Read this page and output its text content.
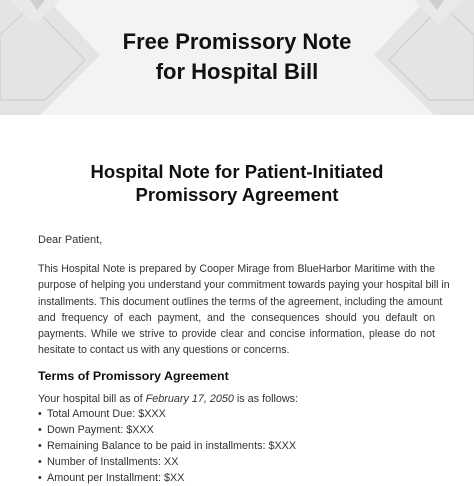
Free Promissory Note
for Hospital Bill
Hospital Note for Patient-Initiated
Promissory Agreement
Dear Patient,
This Hospital Note is prepared by Cooper Mirage from BlueHarbor Maritime with the
purpose of helping you understand your commitment towards paying your hospital bill in
installments. This document outlines the terms of the agreement, including the amount
and frequency of each payment, and the consequences should you default on
payments. While we strive to provide clear and concise information, please do not
hesitate to contact us with any questions or concerns.
Terms of Promissory Agreement
Your hospital bill as of February 17, 2050 is as follows:
• Total Amount Due: $XXX
• Down Payment: $XXX
• Remaining Balance to be paid in installments: $XXX
• Number of Installments: XX
• Amount per Installment: $XX
